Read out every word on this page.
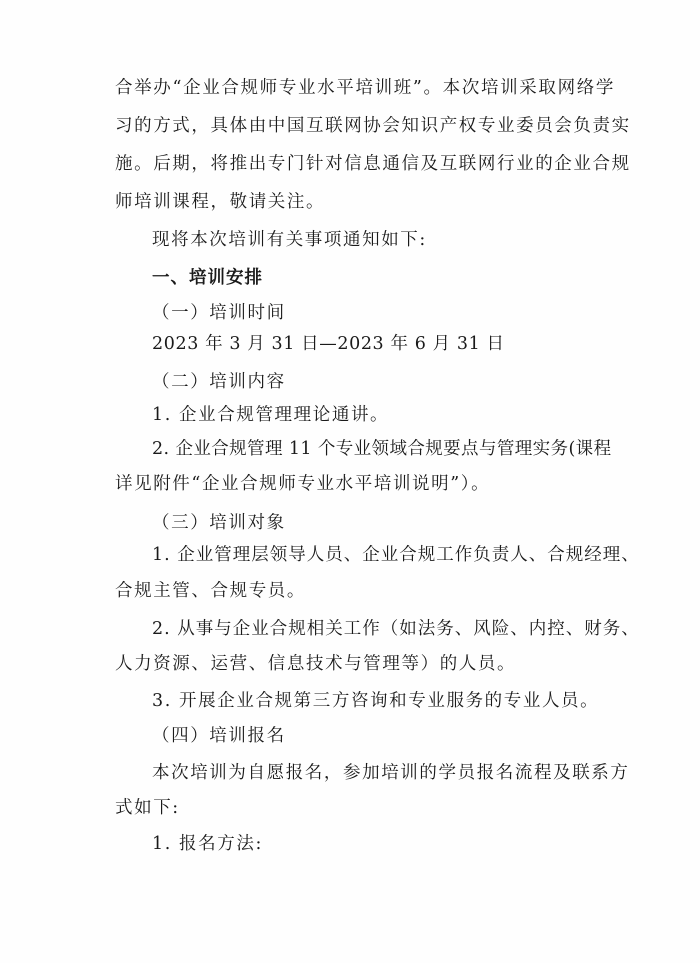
合举办“企业合规师专业水平培训班”。本次培训采取网络学
习的方式，具体由中国互联网协会知识产权专业委员会负责实
施。后期，将推出专门针对信息通信及互联网行业的企业合规
师培训课程，敬请关注。
现将本次培训有关事项通知如下:
一、培训安排
（一）培训时间
2023 年 3 月 31 日—2023 年 6 月 31 日
（二）培训内容
1. 企业合规管理理论通讲。
2. 企业合规管理 11 个专业领域合规要点与管理实务(课程
详见附件“企业合规师专业水平培训说明”）。
（三）培训对象
1. 企业管理层领导人员、企业合规工作负责人、合规经理、
合规主管、合规专员。
2. 从事与企业合规相关工作（如法务、风险、内控、财务、
人力资源、运营、信息技术与管理等）的人员。
3. 开展企业合规第三方咨询和专业服务的专业人员。
（四）培训报名
本次培训为自愿报名，参加培训的学员报名流程及联系方
式如下:
1. 报名方法:
